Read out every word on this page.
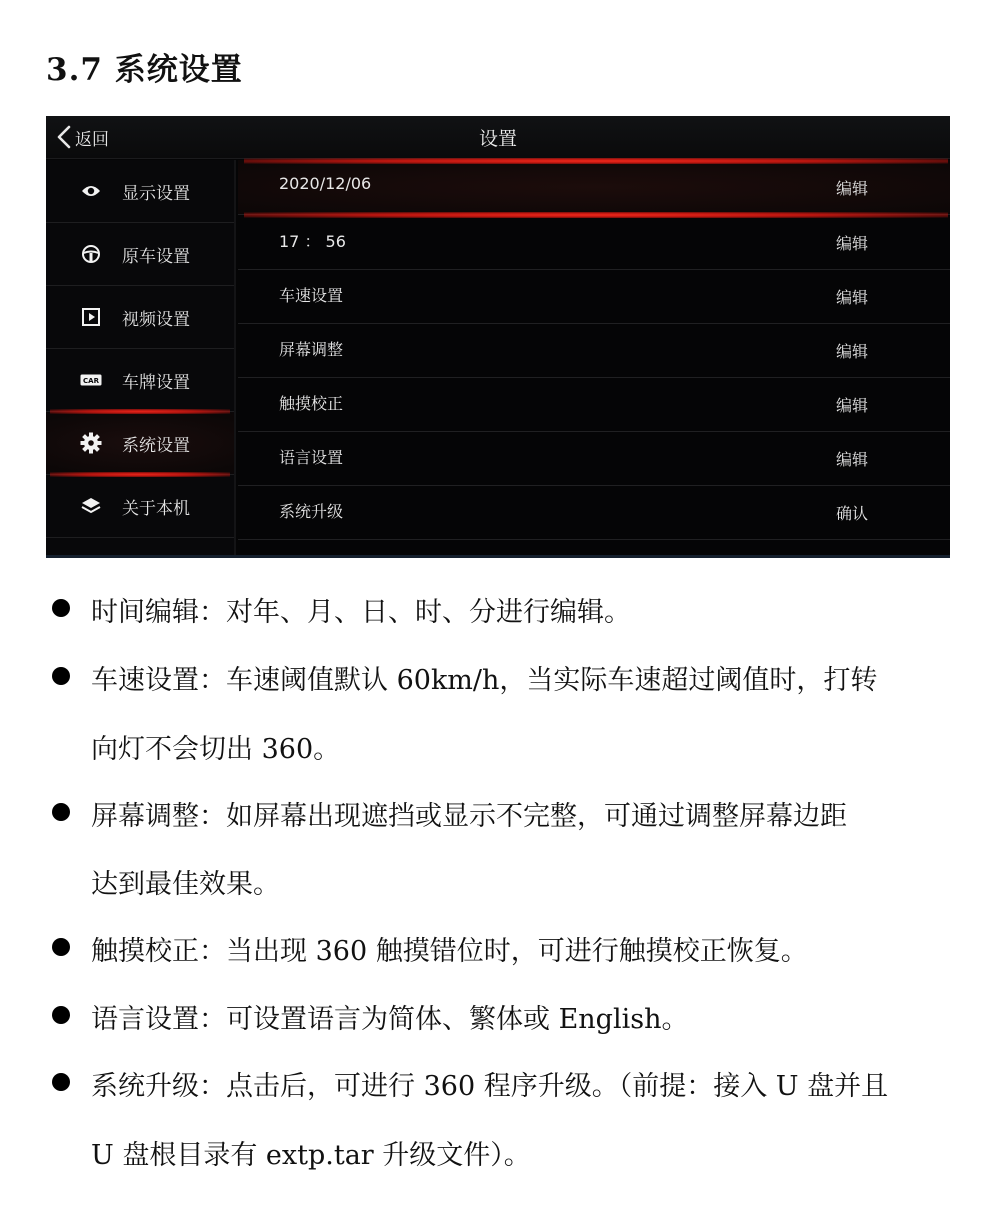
3.7 系统设置
返回	设置
显示设置
原车设置
视频设置
CAR 车牌设置
系统设置
关于本机
2020/12/06	编辑
17 ： 56	编辑
车速设置	编辑
屏幕调整	编辑
触摸校正	编辑
语言设置	编辑
系统升级	确认
时间编辑：对年、月、日、时、分进行编辑。
车速设置：车速阈值默认 60km/h，当实际车速超过阈值时，打转
向灯不会切出 360。
屏幕调整：如屏幕出现遮挡或显示不完整，可通过调整屏幕边距
达到最佳效果。
触摸校正：当出现 360 触摸错位时，可进行触摸校正恢复。
语言设置：可设置语言为简体、繁体或 English。
系统升级：点击后，可进行 360 程序升级。（前提：接入 U 盘并且
U 盘根目录有 extp.tar 升级文件）。
